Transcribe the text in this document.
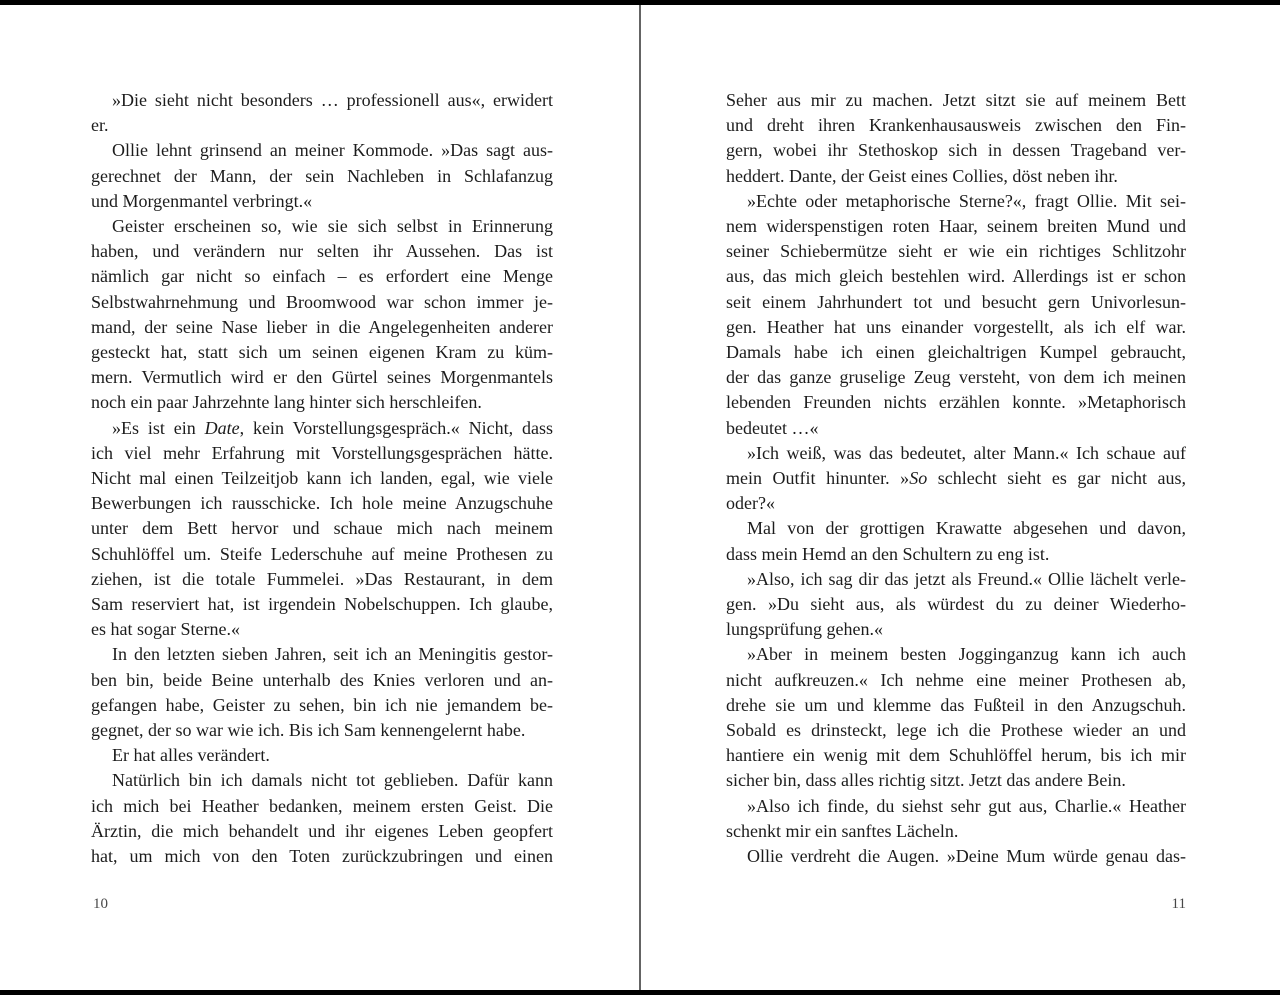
»Die sieht nicht besonders … professionell aus«, erwidert
er.
Ollie lehnt grinsend an meiner Kommode. »Das sagt aus-
gerechnet der Mann, der sein Nachleben in Schlafanzug
und Morgenmantel verbringt.«
Geister erscheinen so, wie sie sich selbst in Erinnerung
haben, und verändern nur selten ihr Aussehen. Das ist
nämlich gar nicht so einfach – es erfordert eine Menge
Selbstwahrnehmung und Broomwood war schon immer je-
mand, der seine Nase lieber in die Angelegenheiten anderer
gesteckt hat, statt sich um seinen eigenen Kram zu küm-
mern. Vermutlich wird er den Gürtel seines Morgenmantels
noch ein paar Jahrzehnte lang hinter sich herschleifen.
»Es ist ein Date, kein Vorstellungsgespräch.« Nicht, dass
ich viel mehr Erfahrung mit Vorstellungsgesprächen hätte.
Nicht mal einen Teilzeitjob kann ich landen, egal, wie viele
Bewerbungen ich rausschicke. Ich hole meine Anzugschuhe
unter dem Bett hervor und schaue mich nach meinem
Schuhlöffel um. Steife Lederschuhe auf meine Prothesen zu
ziehen, ist die totale Fummelei. »Das Restaurant, in dem
Sam reserviert hat, ist irgendein Nobelschuppen. Ich glaube,
es hat sogar Sterne.«
In den letzten sieben Jahren, seit ich an Meningitis gestor-
ben bin, beide Beine unterhalb des Knies verloren und an-
gefangen habe, Geister zu sehen, bin ich nie jemandem be-
gegnet, der so war wie ich. Bis ich Sam kennengelernt habe.
Er hat alles verändert.
Natürlich bin ich damals nicht tot geblieben. Dafür kann
ich mich bei Heather bedanken, meinem ersten Geist. Die
Ärztin, die mich behandelt und ihr eigenes Leben geopfert
hat, um mich von den Toten zurückzubringen und einen
10
Seher aus mir zu machen. Jetzt sitzt sie auf meinem Bett
und dreht ihren Krankenhausausweis zwischen den Fin-
gern, wobei ihr Stethoskop sich in dessen Trageband ver-
heddert. Dante, der Geist eines Collies, döst neben ihr.
»Echte oder metaphorische Sterne?«, fragt Ollie. Mit sei-
nem widerspenstigen roten Haar, seinem breiten Mund und
seiner Schiebermütze sieht er wie ein richtiges Schlitzohr
aus, das mich gleich bestehlen wird. Allerdings ist er schon
seit einem Jahrhundert tot und besucht gern Univorlesun-
gen. Heather hat uns einander vorgestellt, als ich elf war.
Damals habe ich einen gleichaltrigen Kumpel gebraucht,
der das ganze gruselige Zeug versteht, von dem ich meinen
lebenden Freunden nichts erzählen konnte. »Metaphorisch
bedeutet …«
»Ich weiß, was das bedeutet, alter Mann.« Ich schaue auf
mein Outfit hinunter. »So schlecht sieht es gar nicht aus,
oder?«
Mal von der grottigen Krawatte abgesehen und davon,
dass mein Hemd an den Schultern zu eng ist.
»Also, ich sag dir das jetzt als Freund.« Ollie lächelt verle-
gen. »Du sieht aus, als würdest du zu deiner Wiederho-
lungsprüfung gehen.«
»Aber in meinem besten Jogginganzug kann ich auch
nicht aufkreuzen.« Ich nehme eine meiner Prothesen ab,
drehe sie um und klemme das Fußteil in den Anzugschuh.
Sobald es drinsteckt, lege ich die Prothese wieder an und
hantiere ein wenig mit dem Schuhlöffel herum, bis ich mir
sicher bin, dass alles richtig sitzt. Jetzt das andere Bein.
»Also ich finde, du siehst sehr gut aus, Charlie.« Heather
schenkt mir ein sanftes Lächeln.
Ollie verdreht die Augen. »Deine Mum würde genau das-
11
